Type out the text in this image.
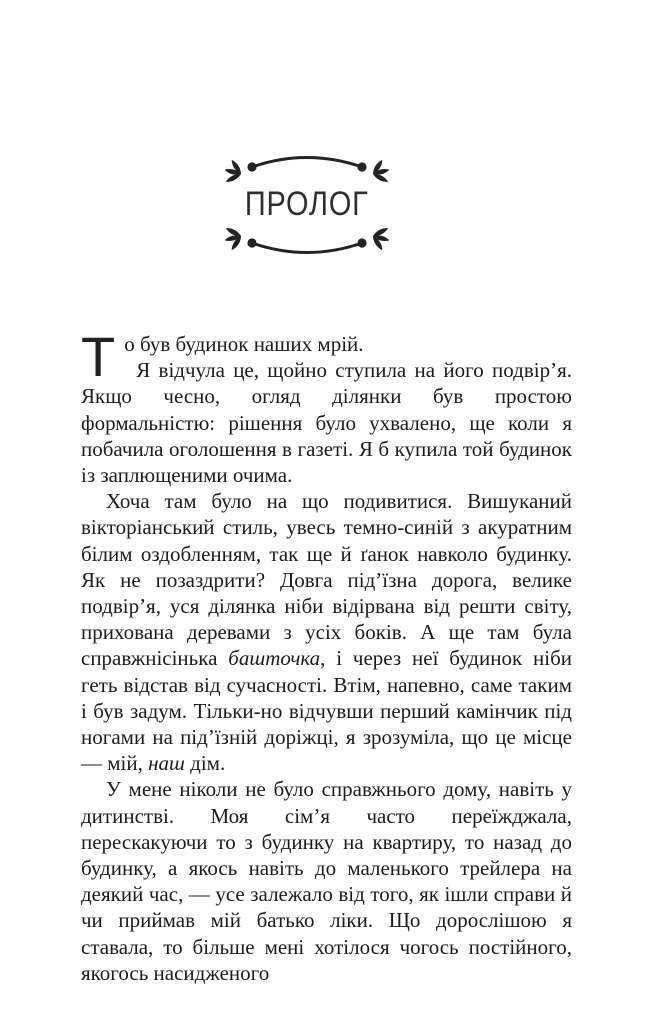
ПРОЛОГ

То був будинок наших мрій.
Я відчула це, щойно ступила на його подвір’я. Якщо чесно, огляд ділянки був простою формальністю: рішення було ухвалено, ще коли я побачила оголошення в газеті. Я б купила той будинок із заплющеними очима.

Хоча там було на що подивитися. Вишуканий вікторіанський стиль, увесь темно-синій з акуратним білим оздобленням, так ще й ґанок навколо будинку. Як не позаздрити? Довга під’їзна дорога, велике подвір’я, уся ділянка ніби відірвана від решти світу, прихована деревами з усіх боків. А ще там була справжнісінька башточка, і через неї будинок ніби геть відстав від сучасності. Втім, напевно, саме таким і був задум. Тільки-но відчувши перший камінчик під ногами на під’їзній доріжці, я зрозуміла, що це місце — мій, наш дім.

У мене ніколи не було справжнього дому, навіть у дитинстві. Моя сім’я часто переїжджала, перескакуючи то з будинку на квартиру, то назад до будинку, а якось навіть до маленького трейлера на деякий час, — усе залежало від того, як ішли справи й чи приймав мій батько ліки. Що дорослішою я ставала, то більше мені хотілося чогось постійного, якогось насидженого
